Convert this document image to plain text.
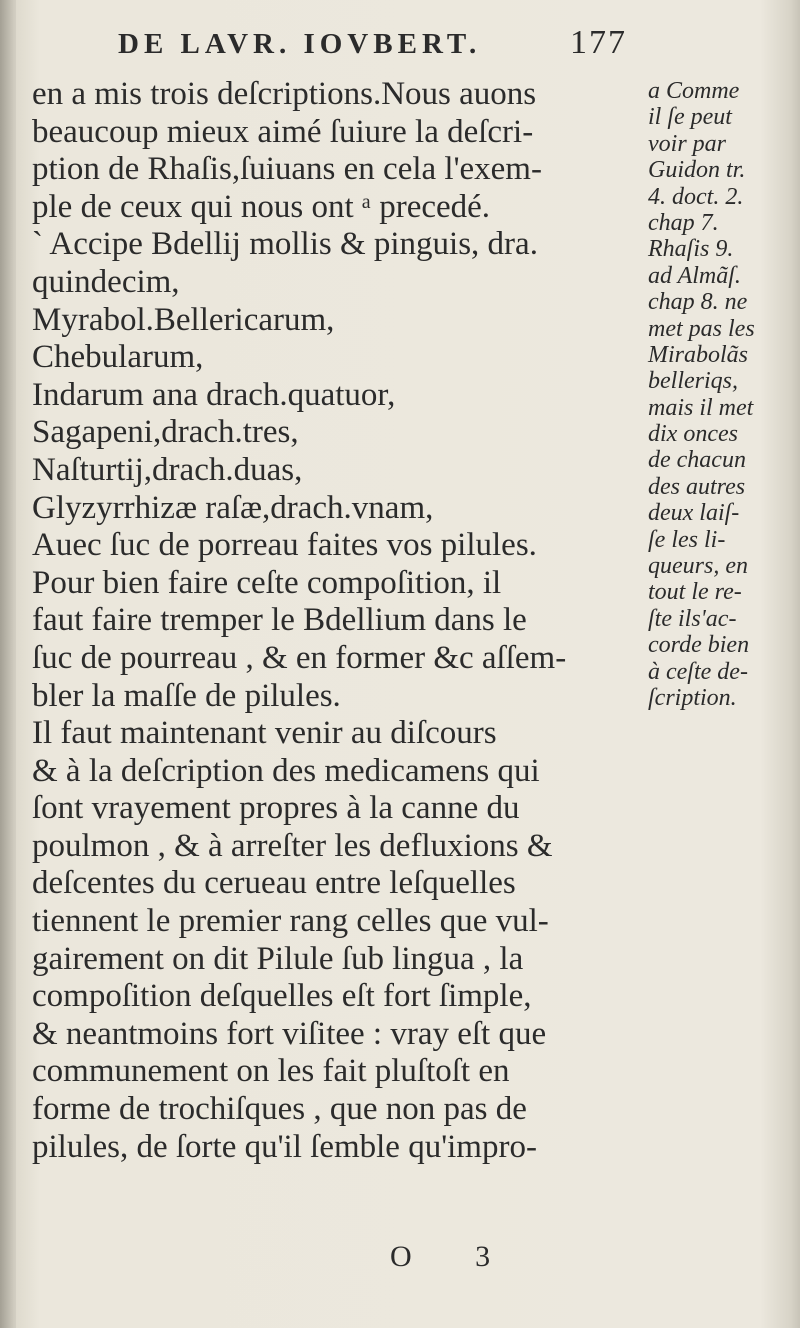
DE LAVR. IOVBERT.	177
en a mis trois deſcriptions.Nous auons
beaucoup mieux aimé ſuiure la deſcri-
ption de Rhaſis,ſuiuans en cela l'exem-
ple de ceux qui nous ont ᵃ precedé.
` Accipe Bdellij mollis & pinguis, dra.
quindecim,
Myrabol.Bellericarum,
Chebularum,
Indarum ana drach.quatuor,
Sagapeni,drach.tres,
Naſturtij,drach.duas,
Glyzyrrhizæ raſæ,drach.vnam,
Auec ſuc de porreau faites vos pilules.
Pour bien faire ceſte compoſition, il
faut faire tremper le Bdellium dans le
ſuc de pourreau , & en former &c aſſem-
bler la maſſe de pilules.
Il faut maintenant venir au diſcours
& à la deſcription des medicamens qui
ſont vrayement propres à la canne du
poulmon , & à arreſter les defluxions &
deſcentes du cerueau entre leſquelles
tiennent le premier rang celles que vul-
gairement on dit Pilule ſub lingua , la
compoſition deſquelles eſt fort ſimple,
& neantmoins fort viſitee : vray eſt que
communement on les fait pluſtoſt en
forme de trochiſques , que non pas de
pilules, de ſorte qu'il ſemble qu'impro-
a Comme
il ſe peut
voir par
Guidon tr.
4. doct. 2.
chap 7.
Rhaſis 9.
ad Almãſ.
chap 8. ne
met pas les
Mirabolãs
belleriqs,
mais il met
dix onces
de chacun
des autres
deux laiſ-
ſe les li-
queurs, en
tout le re-
ſte ils'ac-
corde bien
à ceſte de-
ſcription.
O 3
